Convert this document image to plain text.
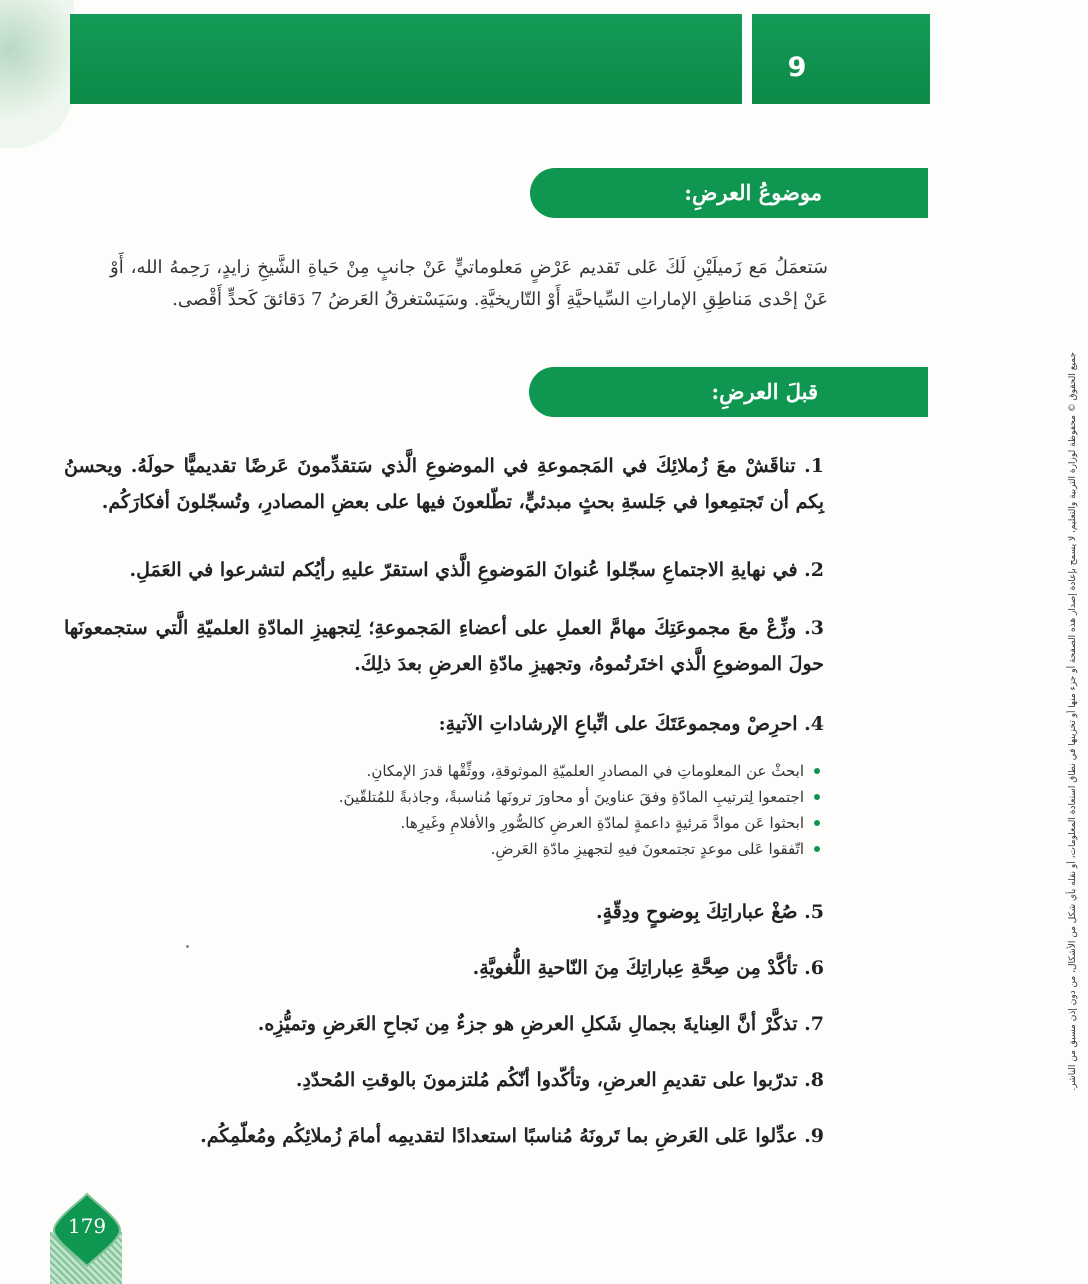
9
موضوعُ العرضِ:

سَتعمَلُ مَع زَميلَيْنِ لَكَ عَلى تَقديم عَرْضٍ مَعلوماتيٍّ عَنْ جانبٍ مِنْ حَياةِ الشَّيخِ زايدٍ، رَحِمهُ الله، أَوْ عَنْ إحْدى مَناطِقِ الإماراتِ السِّياحيَّةِ أَوْ التّاريخيَّةِ. وسَيَسْتغرقُ العَرضُ 7 دَقائقَ كَحدٍّ أَقْصى.

قبلَ العرضِ:	جميع الحقوق © محفوظة لوزارة التربية والتعليم، لا يسمح بإعادة إصدار هذه الصفحة أو جزء منها أو تخزينها في نطاق استعادة المعلومات، أو نقله بأي شكل من الأشكال، من دون إذن مسبق من الناشر.

1. تناقَشْ معَ زُملائِكَ في المَجموعةِ في الموضوعِ الَّذي سَتقدِّمونَ عَرضًا تقديميًّا حولَهُ. ويحسنُ بِكم أن تَجتمِعوا في جَلسةِ بحثٍ مبدئيٍّ، تطّلعونَ فيها على بعضِ المصادرِ، وتُسجّلونَ أفكارَكُم.

2. في نهايةِ الاجتماعِ سجّلوا عُنوانَ المَوضوعِ الَّذي استقرّ عليهِ رأيُكم لتشرعوا في العَمَلِ.

3. وزِّعْ معَ مجموعَتِكَ مهامَّ العملِ على أعضاءِ المَجموعةِ؛ لِتجهيزِ المادّةِ العلميّةِ الَّتي ستجمعونَها حولَ الموضوعِ الَّذي اختَرتُموهُ، وتجهيزِ مادّةِ العرضِ بعدَ ذلِكَ.

4. احرِصْ ومجموعَتَكَ على اتِّباعِ الإرشاداتِ الآتيةِ:

ابحثْ عن المعلوماتِ في المصادرِ العلميّةِ الموثوقةِ، ووثِّقْها قدرَ الإمكانِ.
اجتمعوا لِترتيبِ المادّةِ وفقَ عناوينَ أو محاورَ ترونَها مُناسبةً، وجاذبةً للمُتلقّينَ.
ابحثوا عَن موادَّ مَرئيةٍ داعمةٍ لمادّةِ العرضِ كالصُّورِ والأفلامِ وغَيرِها.
اتّفقوا عَلى موعدٍ تجتمعونَ فيهِ لتجهيزِ مادّةِ العَرضِ.

5. صُغْ عباراتِكَ بِوضوحٍ ودِقّةٍ.

6. تأكَّدْ مِن صِحَّةِ عِباراتِكَ مِنَ النّاحيةِ اللُّغويَّةِ.

7. تذكَّرْ أنَّ العِنايةَ بجمالِ شَكلِ العرضِ هو جزءٌ مِن نَجاحِ العَرضِ وتميُّزِه.

8. تدرّبوا على تقديمِ العرضِ، وتأكّدوا أنّكُم مُلتزمونَ بالوقتِ المُحدّدِ.

9. عدِّلوا عَلى العَرضِ بما تَرونَهُ مُناسبًا استعدادًا لتقديمِه أمامَ زُملائِكُم ومُعلّمِكُم.

179
